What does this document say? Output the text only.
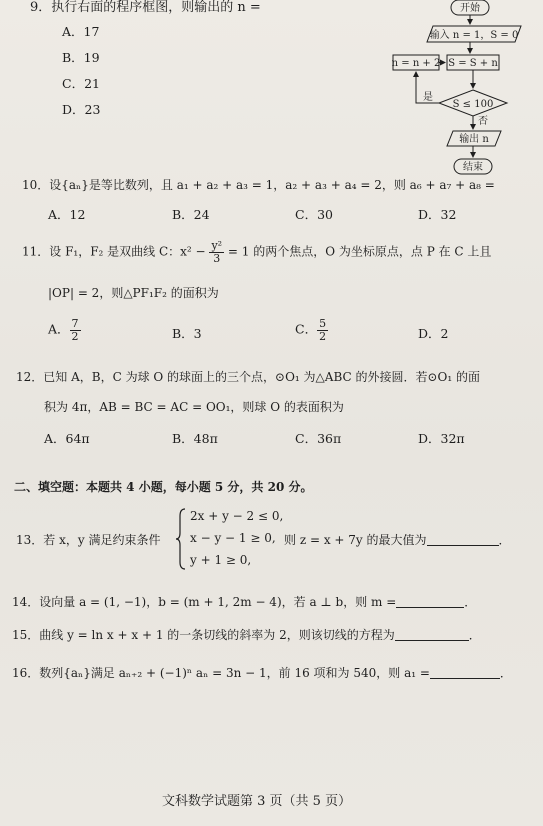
9．执行右面的程序框图，则输出的 n =
A．17
B．19
C．21
D．23
开始
输入 n = 1，S = 0
S = S + n
n = n + 2
S ≤ 100
是
否
输出 n
结束
10．设{aₙ}是等比数列，且 a₁ + a₂ + a₃ = 1，a₂ + a₃ + a₄ = 2，则 a₆ + a₇ + a₈ =
A．12	B．24	C．30	D．32
11．设 F₁，F₂ 是双曲线 C：$x^2 - \frac{\text{y²}}{3} = 1$ 的两个焦点，O 为坐标原点，点 P 在 C 上且
|OP| = 2，则△PF₁F₂ 的面积为
A． $\frac{7}{2}$	B．3	C． $\frac{5}{2}$	D．2
12．已知 A，B，C 为球 O 的球面上的三个点，⊙O₁ 为△ABC 的外接圆．若⊙O₁ 的面
积为 4π，AB = BC = AC = OO₁，则球 O 的表面积为
A．64π	B．48π	C．36π	D．32π
二、填空题：本题共 4 小题，每小题 5 分，共 20 分。
13．若 x，y 满足约束条件
2x + y − 2 ≤ 0,
x − y − 1 ≥ 0,
y + 1 ≥ 0,
则 z = x + 7y 的最大值为	．
14．设向量 a = (1, −1)，b = (m + 1, 2m − 4)，若 a ⊥ b，则 m =	．
15．曲线 y = ln x + x + 1 的一条切线的斜率为 2，则该切线的方程为	．
16．数列{aₙ}满足 aₙ₊₂ + (−1)ⁿ aₙ = 3n − 1，前 16 项和为 540，则 a₁ =	．
文科数学试题第 3 页（共 5 页）
